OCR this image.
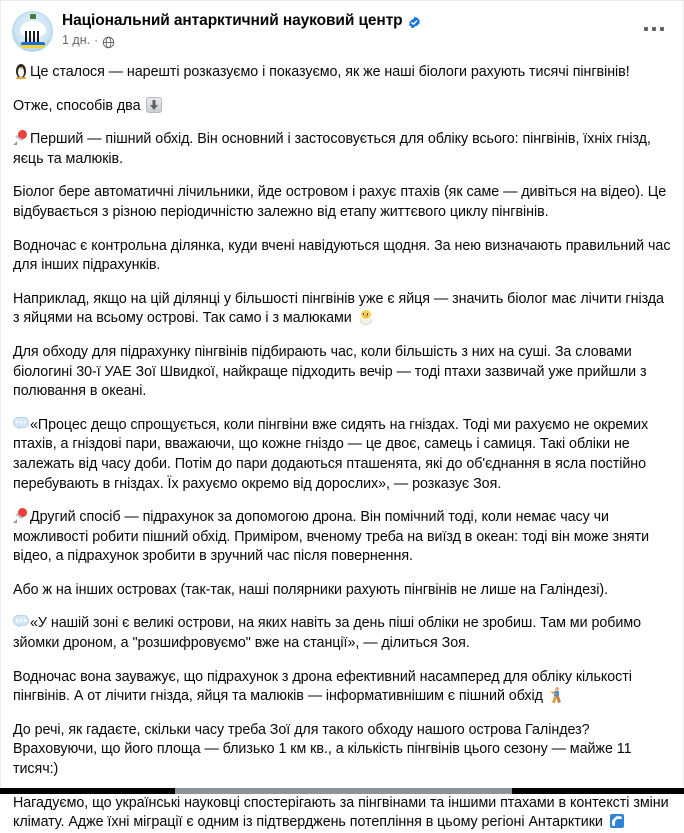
Національний антарктичний науковий центр
1 дн. ·

Це сталося — нарешті розказуємо і показуємо, як же наші біологи рахують тисячі пінгвінів!

Отже, способів два

Перший — пішний обхід. Він основний і застосовується для обліку всього: пінгвінів, їхніх гнізд, яєць та малюків.

Біолог бере автоматичні лічильники, йде островом і рахує птахів (як саме — дивіться на відео). Це відбувається з різною періодичністю залежно від етапу життєвого циклу пінгвінів.

Водночас є контрольна ділянка, куди вчені навідуються щодня. За нею визначають правильний час для інших підрахунків.

Наприклад, якщо на цій ділянці у більшості пінгвінів уже є яйця — значить біолог має лічити гнізда з яйцями на всьому острові. Так само і з малюками

Для обходу для підрахунку пінгвінів підбирають час, коли більшість з них на суші. За словами біологині 30-ї УАЕ Зої Швидкої, найкраще підходить вечір — тоді птахи зазвичай уже прийшли з полювання в океані.

«Процес дещо спрощується, коли пінгвіни вже сидять на гніздах. Тоді ми рахуємо не окремих птахів, а гніздові пари, вважаючи, що кожне гніздо — це двоє, самець і самиця. Такі обліки не залежать від часу доби. Потім до пари додаються пташенята, які до об'єднання в ясла постійно перебувають в гніздах. Їх рахуємо окремо від дорослих», — розказує Зоя.

Другий спосіб — підрахунок за допомогою дрона. Він помічний тоді, коли немає часу чи можливості робити пішний обхід. Приміром, вченому треба на виїзд в океан: тоді він може зняти відео, а підрахунок зробити в зручний час після повернення.

Або ж на інших островах (так-так, наші полярники рахують пінгвінів не лише на Галіндезі).

«У нашій зоні є великі острови, на яких навіть за день піші обліки не зробиш. Там ми робимо зйомки дроном, а "розшифровуємо" вже на станції», — ділиться Зоя.

Водночас вона зауважує, що підрахунок з дрона ефективний насамперед для обліку кількості пінгвінів. А от лічити гнізда, яйця та малюків — інформативнішим є пішний обхід

До речі, як гадаєте, скільки часу треба Зої для такого обходу нашого острова Галіндез? Враховуючи, що його площа — близько 1 км кв., а кількість пінгвінів цього сезону — майже 11 тисяч:)

Нагадуємо, що українські науковці спостерігають за пінгвінами та іншими птахами в контексті зміни клімату. Адже їхні міграції є одним із підтверджень потепління в цьому регіоні Антарктики
